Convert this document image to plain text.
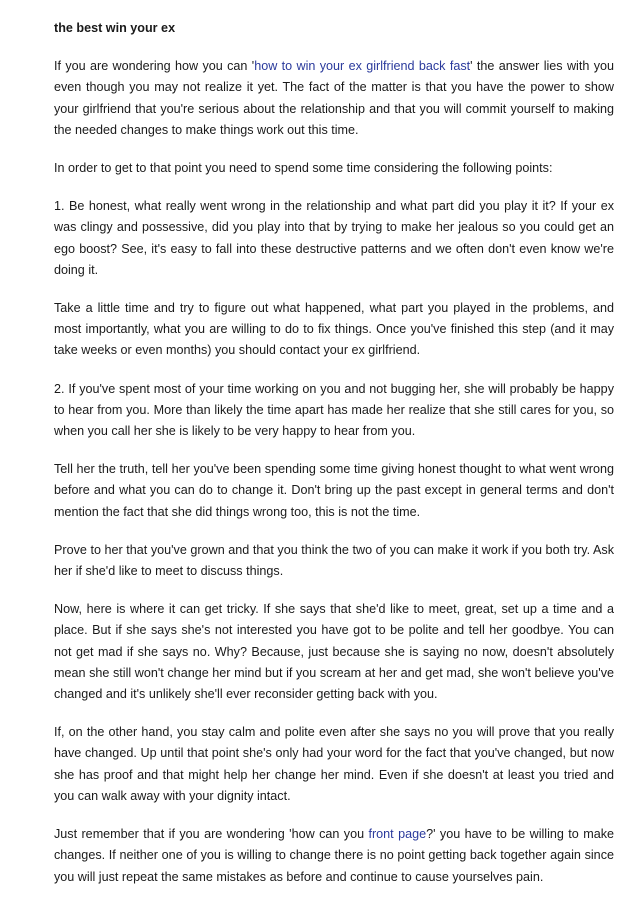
the best win your ex

If you are wondering how you can 'how to win your ex girlfriend back fast' the answer lies with you even though you may not realize it yet. The fact of the matter is that you have the power to show your girlfriend that you're serious about the relationship and that you will commit yourself to making the needed changes to make things work out this time.

In order to get to that point you need to spend some time considering the following points:

1. Be honest, what really went wrong in the relationship and what part did you play it it? If your ex was clingy and possessive, did you play into that by trying to make her jealous so you could get an ego boost? See, it's easy to fall into these destructive patterns and we often don't even know we're doing it.

Take a little time and try to figure out what happened, what part you played in the problems, and most importantly, what you are willing to do to fix things. Once you've finished this step (and it may take weeks or even months) you should contact your ex girlfriend.

2. If you've spent most of your time working on you and not bugging her, she will probably be happy to hear from you. More than likely the time apart has made her realize that she still cares for you, so when you call her she is likely to be very happy to hear from you.

Tell her the truth, tell her you've been spending some time giving honest thought to what went wrong before and what you can do to change it. Don't bring up the past except in general terms and don't mention the fact that she did things wrong too, this is not the time.

Prove to her that you've grown and that you think the two of you can make it work if you both try. Ask her if she'd like to meet to discuss things.

Now, here is where it can get tricky. If she says that she'd like to meet, great, set up a time and a place. But if she says she's not interested you have got to be polite and tell her goodbye. You can not get mad if she says no. Why? Because, just because she is saying no now, doesn't absolutely mean she still won't change her mind but if you scream at her and get mad, she won't believe you've changed and it's unlikely she'll ever reconsider getting back with you.

If, on the other hand, you stay calm and polite even after she says no you will prove that you really have changed. Up until that point she's only had your word for the fact that you've changed, but now she has proof and that might help her change her mind. Even if she doesn't at least you tried and you can walk away with your dignity intact.

Just remember that if you are wondering 'how can you front page?' you have to be willing to make changes. If neither one of you is willing to change there is no point getting back together again since you will just repeat the same mistakes as before and continue to cause yourselves pain.
